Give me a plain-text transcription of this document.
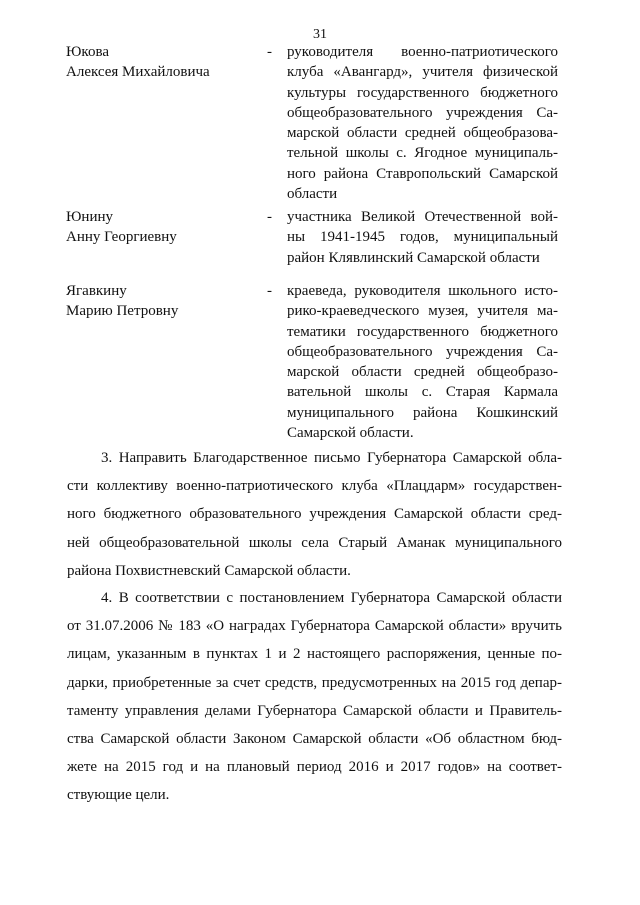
31
Юкова
Алексея Михайловича
- руководителя военно-патриотического
клуба «Авангард», учителя физической
культуры государственного бюджетного
общеобразовательного учреждения Са-
марской области средней общеобразова-
тельной школы с. Ягодное муниципаль-
ного района Ставропольский Самарской
области
Юнину
Анну Георгиевну
- участника Великой Отечественной вой-
ны 1941-1945 годов, муниципальный
район Клявлинский Самарской области
Ягавкину
Марию Петровну
- краеведа, руководителя школьного исто-
рико-краеведческого музея, учителя ма-
тематики государственного бюджетного
общеобразовательного учреждения Са-
марской области средней общеобразо-
вательной школы с. Старая Кармала
муниципального района Кошкинский
Самарской области.
3. Направить Благодарственное письмо Губернатора Самарской обла-
сти коллективу военно-патриотического клуба «Плацдарм» государствен-
ного бюджетного образовательного учреждения Самарской области сред-
ней общеобразовательной школы села Старый Аманак муниципального
района Похвистневский Самарской области.
4. В соответствии с постановлением Губернатора Самарской области
от 31.07.2006 № 183 «О наградах Губернатора Самарской области» вручить
лицам, указанным в пунктах 1 и 2 настоящего распоряжения, ценные по-
дарки, приобретенные за счет средств, предусмотренных на 2015 год депар-
таменту управления делами Губернатора Самарской области и Правитель-
ства Самарской области Законом Самарской области «Об областном бюд-
жете на 2015 год и на плановый период 2016 и 2017 годов» на соответ-
ствующие цели.
